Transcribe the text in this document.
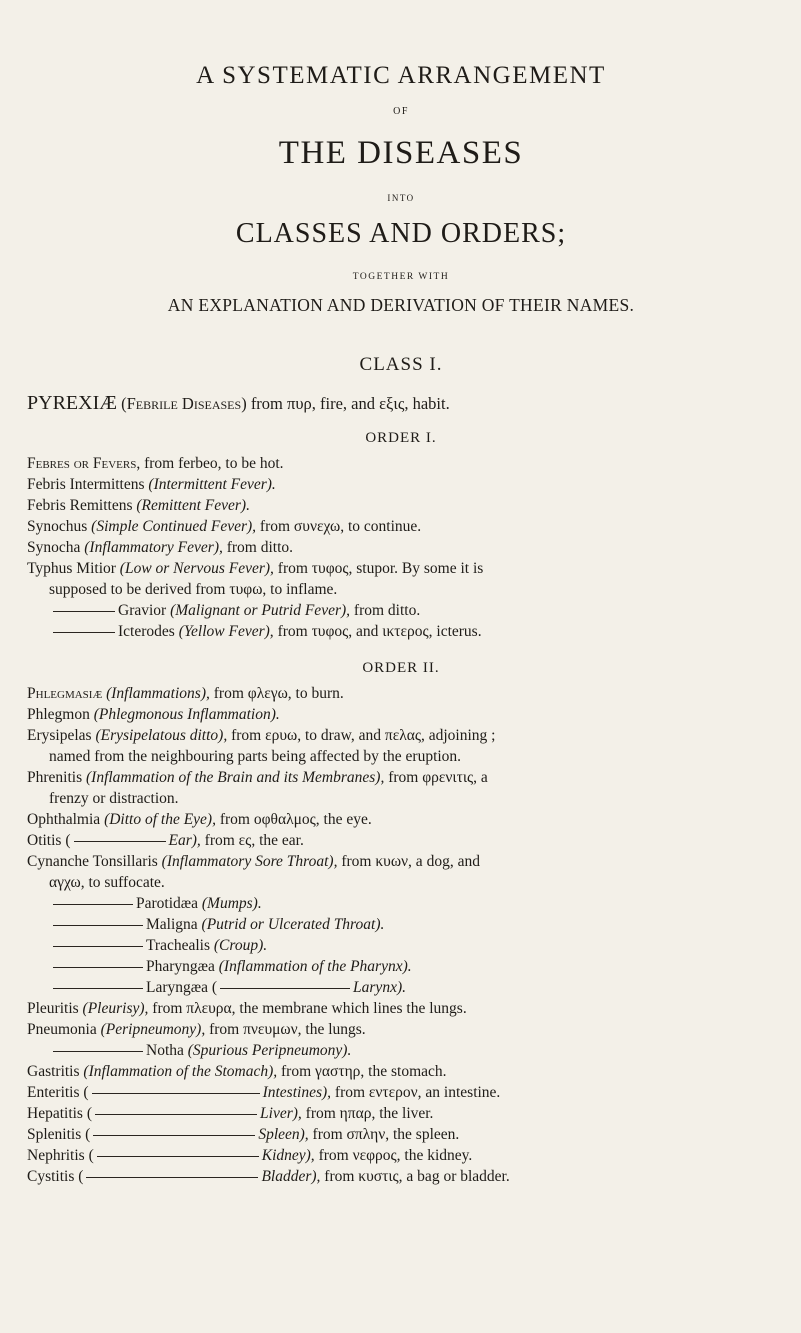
A SYSTEMATIC ARRANGEMENT

OF

THE DISEASES

INTO

CLASSES AND ORDERS;

TOGETHER WITH

AN EXPLANATION AND DERIVATION OF THEIR NAMES.

CLASS I.

PYREXIÆ (Febrile Diseases) from πυρ, fire, and εξις, habit.

ORDER I.

Febres or Fevers, from ferbeo, to be hot.

Febris Intermittens (Intermittent Fever).

Febris Remittens (Remittent Fever).

Synochus (Simple Continued Fever), from συνεχω, to continue.

Synocha (Inflammatory Fever), from ditto.

Typhus Mitior (Low or Nervous Fever), from τυφος, stupor. By some it is

supposed to be derived from τυφω, to inflame.

Gravior (Malignant or Putrid Fever), from ditto.

Icterodes (Yellow Fever), from τυφος, and ικτερος, icterus.

ORDER II.

Phlegmasiæ (Inflammations), from φλεγω, to burn.

Phlegmon (Phlegmonous Inflammation).

Erysipelas (Erysipelatous ditto), from ερυω, to draw, and πελας, adjoining ;

named from the neighbouring parts being affected by the eruption.

Phrenitis (Inflammation of the Brain and its Membranes), from φρενιτις, a

frenzy or distraction.

Ophthalmia (Ditto of the Eye), from οφθαλμος, the eye.

Otitis (	Ear), from ες, the ear.

Cynanche Tonsillaris (Inflammatory Sore Throat), from κυων, a dog, and

αγχω, to suffocate.

Parotidæa (Mumps).

Maligna (Putrid or Ulcerated Throat).

Trachealis (Croup).

Pharyngæa (Inflammation of the Pharynx).

Laryngæa (	Larynx).

Pleuritis (Pleurisy), from πλευρα, the membrane which lines the lungs.

Pneumonia (Peripneumony), from πνευμων, the lungs.

Notha (Spurious Peripneumony).

Gastritis (Inflammation of the Stomach), from γαστηρ, the stomach.

Enteritis (	Intestines), from εντερον, an intestine.

Hepatitis (	Liver), from ηπαρ, the liver.

Splenitis (	Spleen), from σπλην, the spleen.

Nephritis (	Kidney), from νεφρος, the kidney.

Cystitis (	Bladder), from κυστις, a bag or bladder.
